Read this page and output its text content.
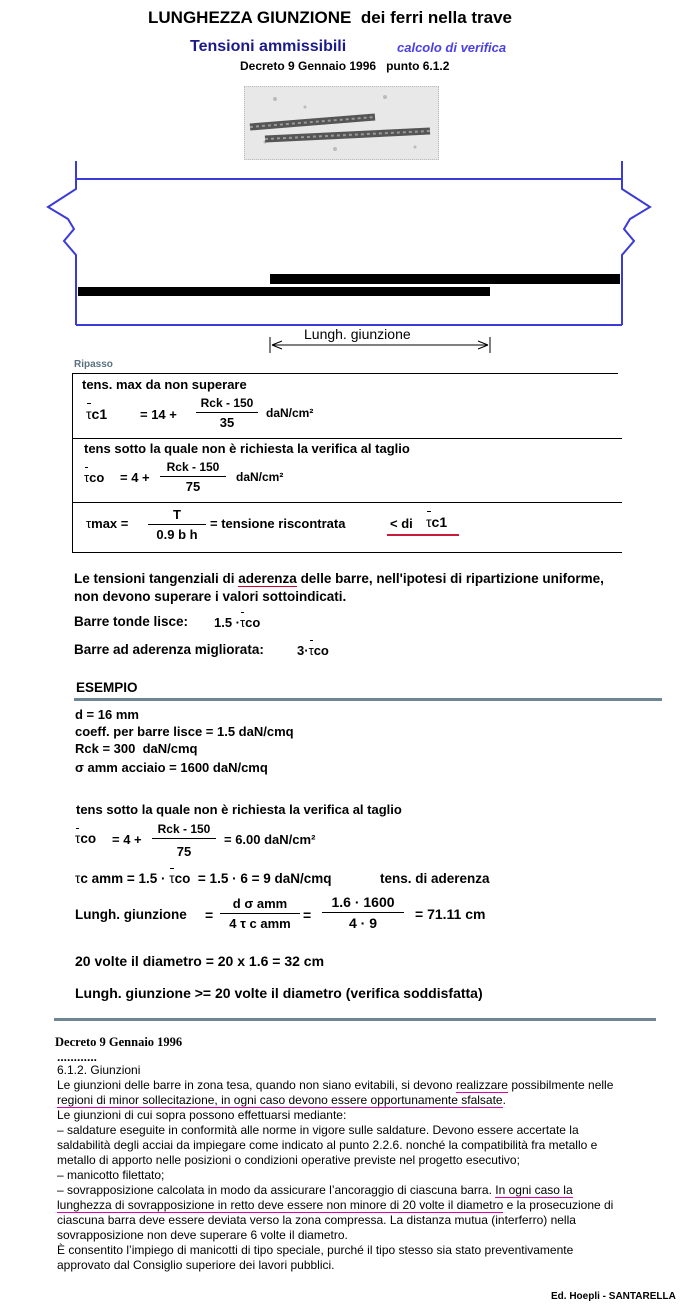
LUNGHEZZA GIUNZIONE dei ferri nella trave
Tensioni ammissibili	calcolo di verifica
Decreto 9 Gennaio 1996 punto 6.1.2
Lungh. giunzione
Ripasso
tens. max da non superare
τc1	= 14 +
Rck - 150
35
daN/cm²
tens sotto la quale non è richiesta la verifica al taglio
τco = 4 +
Rck - 150
75
daN/cm²
τmax =
T
0.9 b h
= tensione riscontrata	< di τc1
Le tensioni tangenziali di aderenza delle barre, nell'ipotesi di ripartizione uniforme,
non devono superare i valori sottoindicati.
Barre tonde lisce: 1.5 ·τco
Barre ad aderenza migliorata:	3·τco
ESEMPIO
d = 16 mm
coeff. per barre lisce = 1.5 daN/cmq
Rck = 300 daN/cmq
σ amm acciaio = 1600 daN/cmq
tens sotto la quale non è richiesta la verifica al taglio
τco = 4 +
Rck - 150
75
= 6.00 daN/cm²
τc amm = 1.5 · τco = 1.5 · 6 = 9 daN/cmq	tens. di aderenza
Lungh. giunzione =
d σ amm
4 τ c amm
=
1.6 · 1600
4 · 9
= 71.11 cm
20 volte il diametro = 20 x 1.6 = 32 cm
Lungh. giunzione >= 20 volte il diametro (verifica soddisfatta)
Decreto 9 Gennaio 1996
............
6.1.2. Giunzioni
Le giunzioni delle barre in zona tesa, quando non siano evitabili, si devono realizzare possibilmente nelle
regioni di minor sollecitazione, in ogni caso devono essere opportunamente sfalsate.
Le giunzioni di cui sopra possono effettuarsi mediante:
– saldature eseguite in conformità alle norme in vigore sulle saldature. Devono essere accertate la
saldabilità degli acciai da impiegare come indicato al punto 2.2.6. nonché la compatibilità fra metallo e
metallo di apporto nelle posizioni o condizioni operative previste nel progetto esecutivo;
– manicotto filettato;
– sovrapposizione calcolata in modo da assicurare l’ancoraggio di ciascuna barra. In ogni caso la
lunghezza di sovrapposizione in retto deve essere non minore di 20 volte il diametro e la prosecuzione di
ciascuna barra deve essere deviata verso la zona compressa. La distanza mutua (interferro) nella
sovrapposizione non deve superare 6 volte il diametro.
È consentito l’impiego di manicotti di tipo speciale, purché il tipo stesso sia stato preventivamente
approvato dal Consiglio superiore dei lavori pubblici.
Ed. Hoepli - SANTARELLA
